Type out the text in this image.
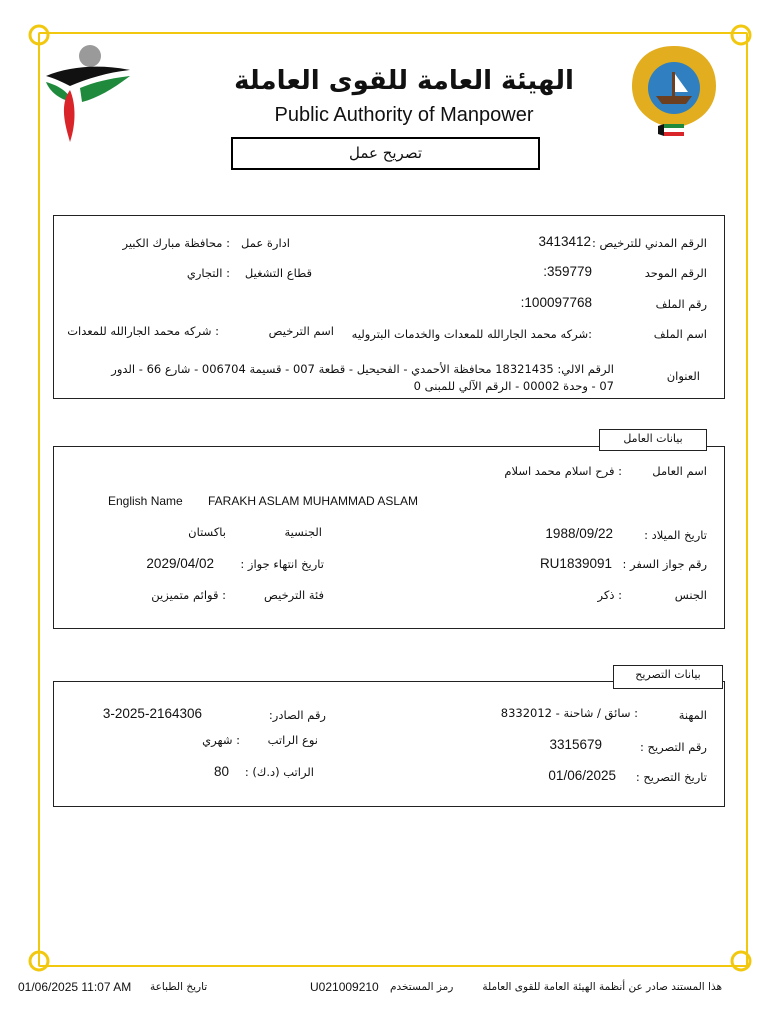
الهيئة العامة للقوى العاملة
Public Authority of Manpower
تصريح عمل
الرقم المدني للترخيص :
3413412
ادارة عمل
: محافظة مبارك الكبير
الرقم الموحد
:359779
قطاع التشغيل
: التجاري
رقم الملف
:100097768
اسم الملف
:شركه محمد الجارالله للمعدات والخدمات البتروليه
اسم الترخيص
: شركه محمد الجارالله للمعدات
العنوان
الرقم الالي: 18321435 محافظة الأحمدي - الفحيحيل - قطعة 007 - قسيمة 006704 - شارع 66 - الدور
07 - وحدة 00002 - الرقم الآلي للمبنى 0
بيانات العامل
اسم العامل
: فرح اسلام محمد اسلام
English Name FARAKH ASLAM MUHAMMAD ASLAM
تاريخ الميلاد :
1988/09/22
الجنسية
باكستان
رقم جواز السفر :
RU1839091
تاريخ انتهاء جواز :
2029/04/02
الجنس
: ذكر
فئة الترخيص
: قوائم متميزين
بيانات التصريح
المهنة
: سائق / شاحنة - 8332012
رقم الصادر:
3-2025-2164306
رقم التصريح :
3315679
نوع الراتب
: شهري
تاريخ التصريح :
01/06/2025
الراتب (د.ك) :
80
01/06/2025 11:07 AM تاريخ الطباعة	U021009210 رمز المستخدم	هذا المستند صادر عن أنظمة الهيئة العامة للقوى العاملة
